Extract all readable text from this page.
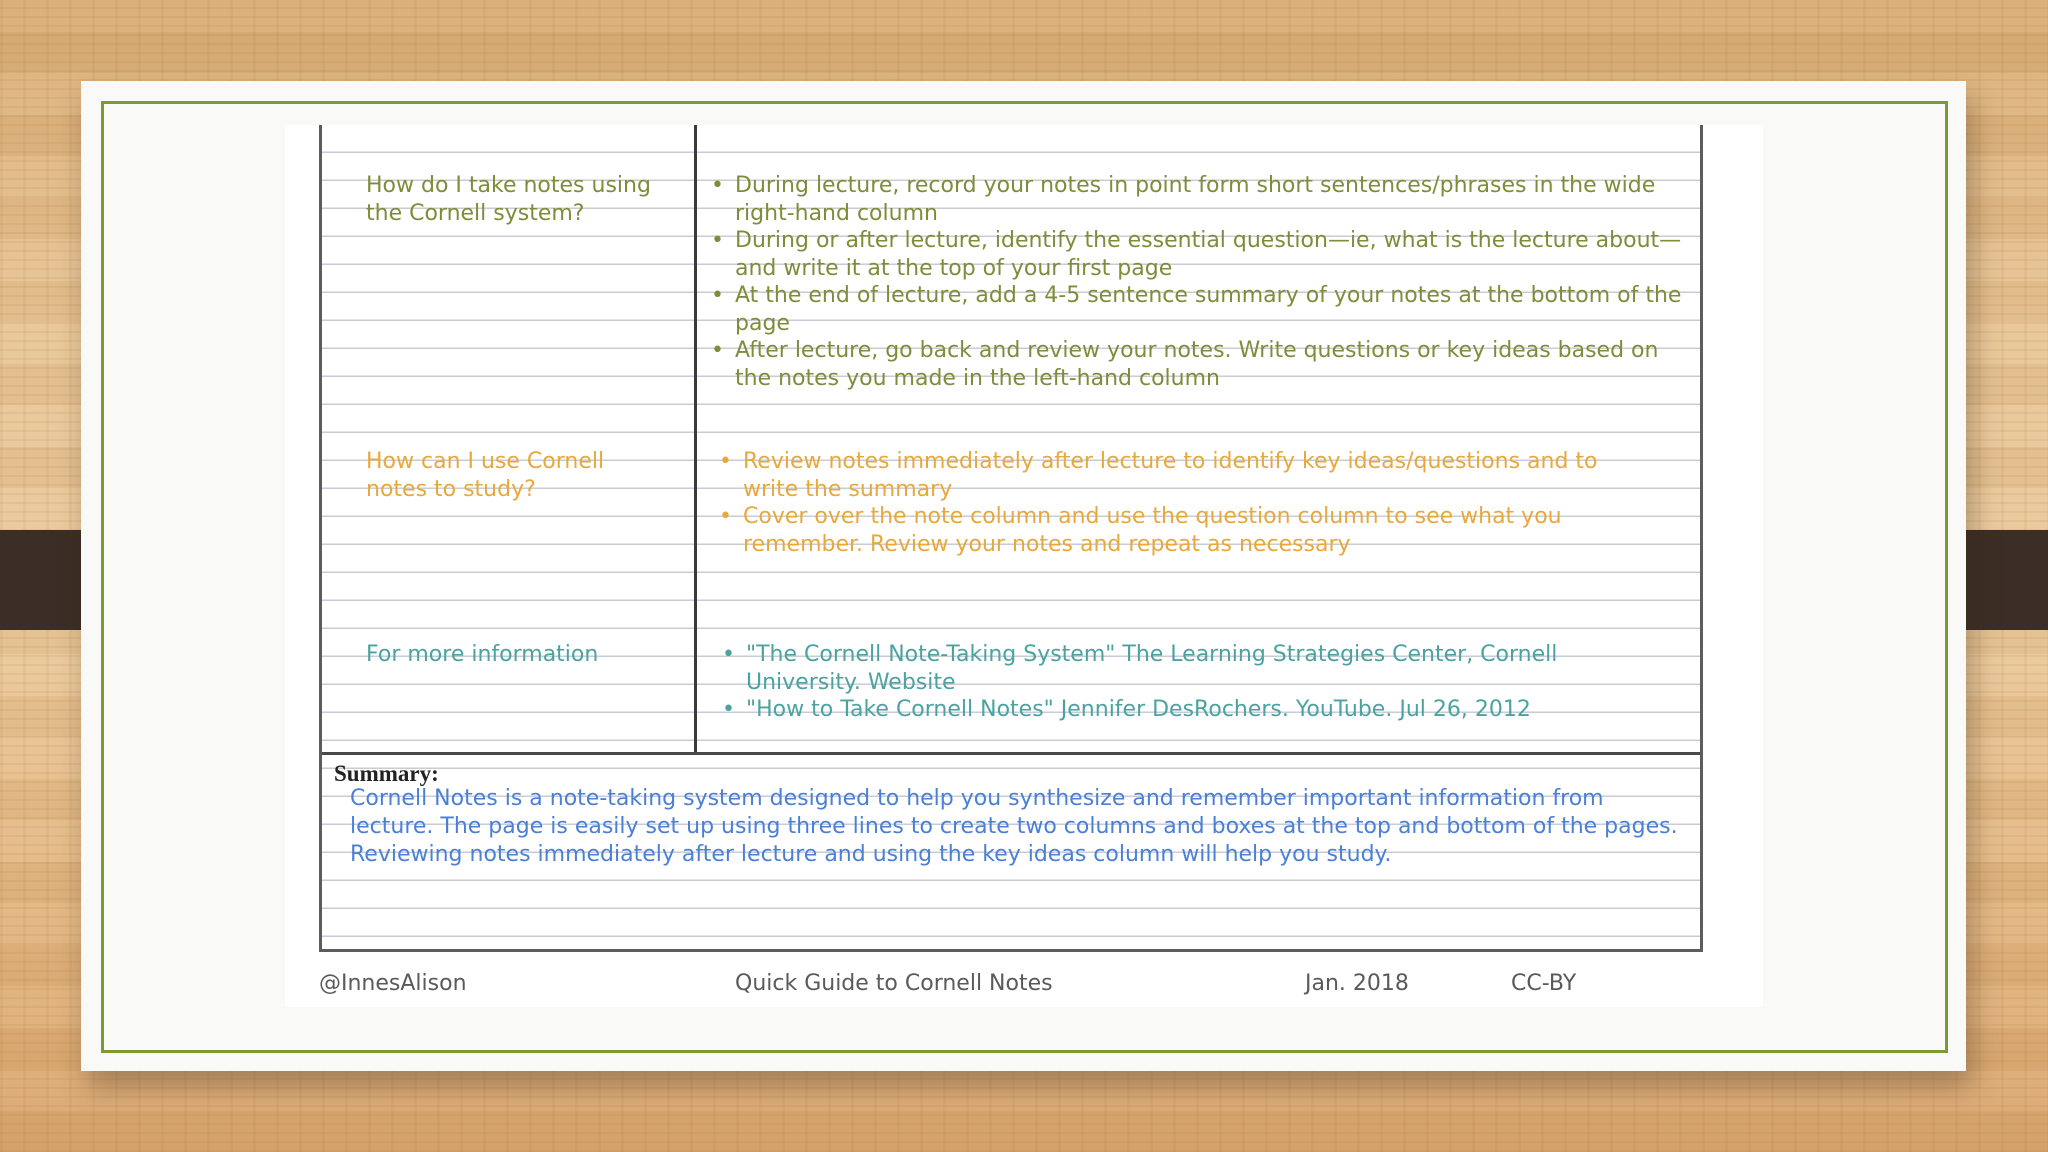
How do I take notes using the Cornell system?
• During lecture, record your notes in point form short sentences/phrases in the wide right-hand column
• During or after lecture, identify the essential question—ie, what is the lecture about—and write it at the top of your first page
• At the end of lecture, add a 4-5 sentence summary of your notes at the bottom of the page
• After lecture, go back and review your notes. Write questions or key ideas based on the notes you made in the left-hand column
How can I use Cornell notes to study?
• Review notes immediately after lecture to identify key ideas/questions and to write the summary
• Cover over the note column and use the question column to see what you remember. Review your notes and repeat as necessary
For more information
•	"The Cornell Note-Taking System" The Learning Strategies Center, Cornell University. Website
• "How to Take Cornell Notes" Jennifer DesRochers. YouTube. Jul 26, 2012
Summary:
Cornell Notes is a note-taking system designed to help you synthesize and remember important information from lecture. The page is easily set up using three lines to create two columns and boxes at the top and bottom of the pages. Reviewing notes immediately after lecture and using the key ideas column will help you study.
@InnesAlison	Quick Guide to Cornell Notes	Jan. 2018	CC-BY
